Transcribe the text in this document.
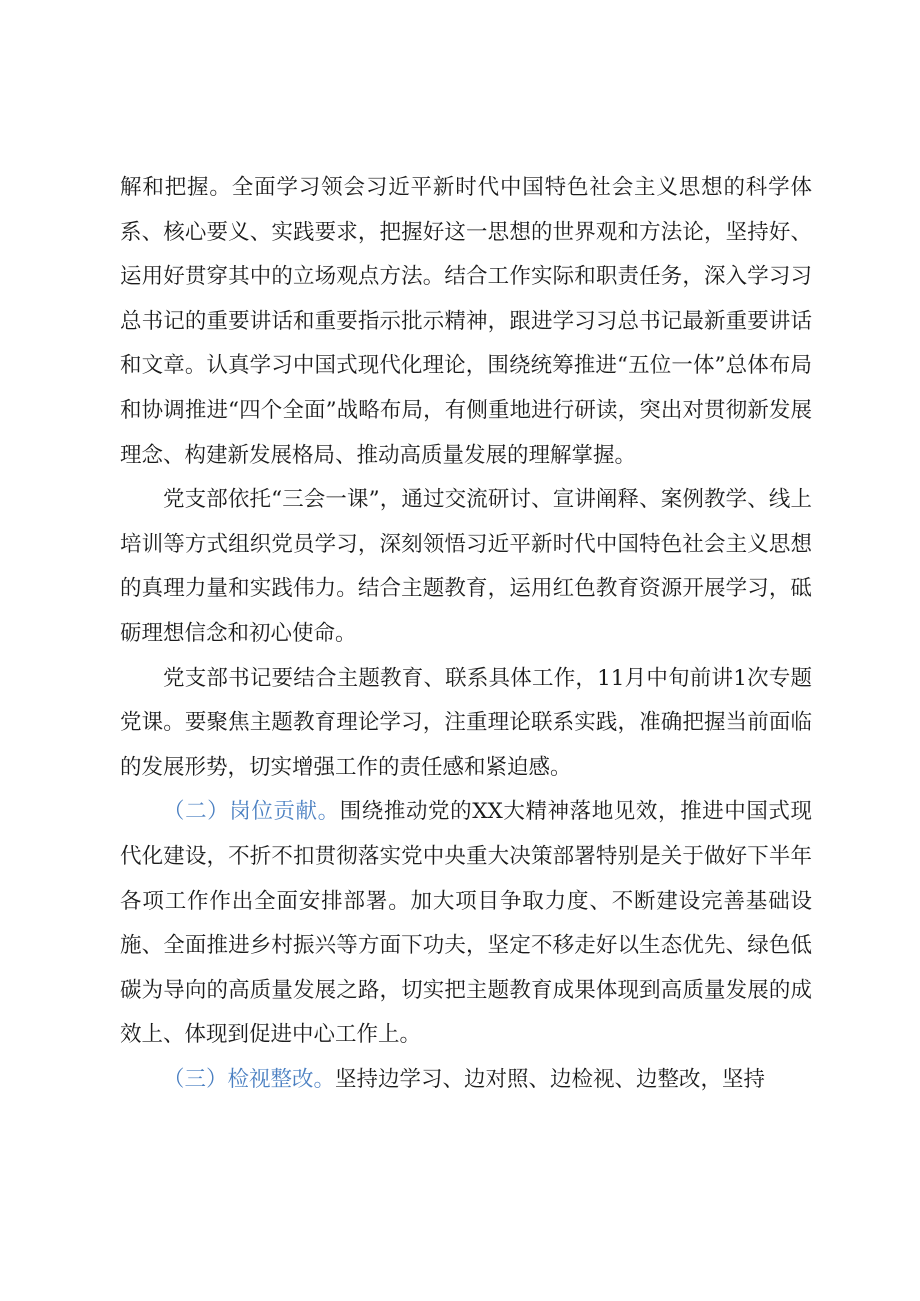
解和把握。全面学习领会习近平新时代中国特色社会主义思想的科学体系、核心要义、实践要求，把握好这一思想的世界观和方法论，坚持好、运用好贯穿其中的立场观点方法。结合工作实际和职责任务，深入学习习总书记的重要讲话和重要指示批示精神，跟进学习习总书记最新重要讲话和文章。认真学习中国式现代化理论，围绕统筹推进“五位一体”总体布局和协调推进“四个全面”战略布局，有侧重地进行研读，突出对贯彻新发展理念、构建新发展格局、推动高质量发展的理解掌握。

党支部依托“三会一课”，通过交流研讨、宣讲阐释、案例教学、线上培训等方式组织党员学习，深刻领悟习近平新时代中国特色社会主义思想的真理力量和实践伟力。结合主题教育，运用红色教育资源开展学习，砥砺理想信念和初心使命。

党支部书记要结合主题教育、联系具体工作，11月中旬前讲1次专题党课。要聚焦主题教育理论学习，注重理论联系实践，准确把握当前面临的发展形势，切实增强工作的责任感和紧迫感。

（二）岗位贡献。围绕推动党的XX大精神落地见效，推进中国式现代化建设，不折不扣贯彻落实党中央重大决策部署特别是关于做好下半年各项工作作出全面安排部署。加大项目争取力度、不断建设完善基础设施、全面推进乡村振兴等方面下功夫，坚定不移走好以生态优先、绿色低碳为导向的高质量发展之路，切实把主题教育成果体现到高质量发展的成效上、体现到促进中心工作上。

（三）检视整改。坚持边学习、边对照、边检视、边整改，坚持
